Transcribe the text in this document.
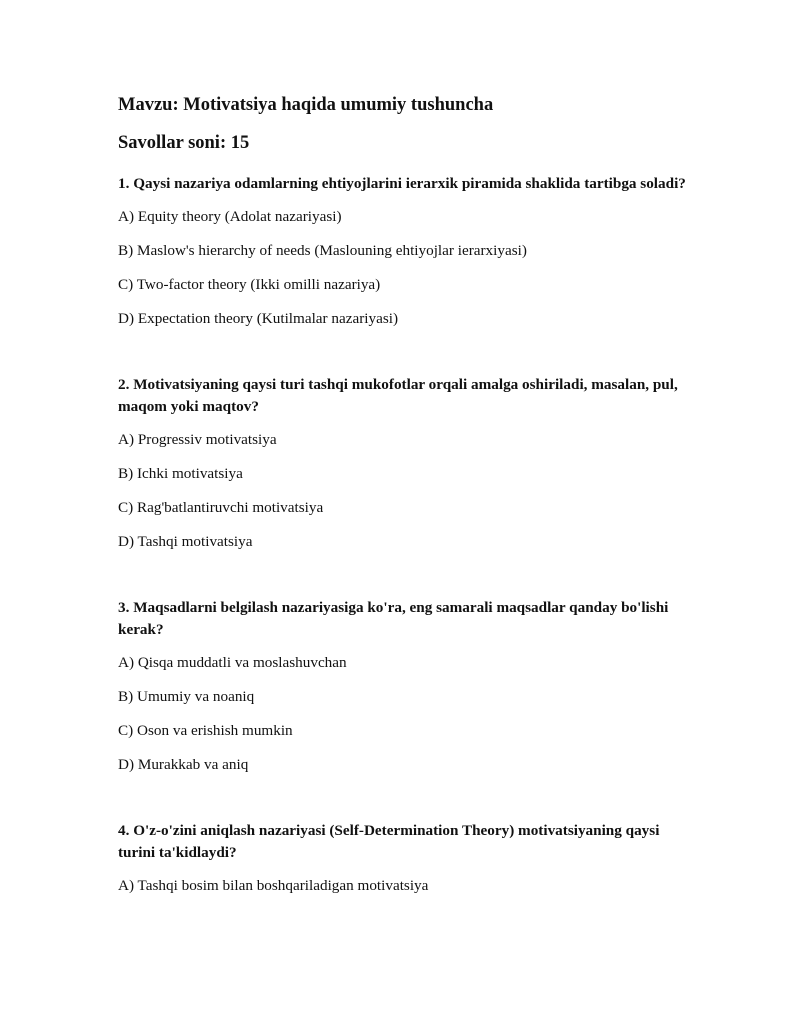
Mavzu: Motivatsiya haqida umumiy tushuncha
Savollar soni: 15

1. Qaysi nazariya odamlarning ehtiyojlarini ierarxik piramida shaklida tartibga soladi?

A) Equity theory (Adolat nazariyasi)

B) Maslow's hierarchy of needs (Maslouning ehtiyojlar ierarxiyasi)

C) Two-factor theory (Ikki omilli nazariya)

D) Expectation theory (Kutilmalar nazariyasi)

2. Motivatsiyaning qaysi turi tashqi mukofotlar orqali amalga oshiriladi, masalan, pul, maqom yoki maqtov?

A) Progressiv motivatsiya

B) Ichki motivatsiya

C) Rag'batlantiruvchi motivatsiya

D) Tashqi motivatsiya

3. Maqsadlarni belgilash nazariyasiga ko'ra, eng samarali maqsadlar qanday bo'lishi kerak?

A) Qisqa muddatli va moslashuvchan

B) Umumiy va noaniq

C) Oson va erishish mumkin

D) Murakkab va aniq

4. O'z-o'zini aniqlash nazariyasi (Self-Determination Theory) motivatsiyaning qaysi turini ta'kidlaydi?

A) Tashqi bosim bilan boshqariladigan motivatsiya
